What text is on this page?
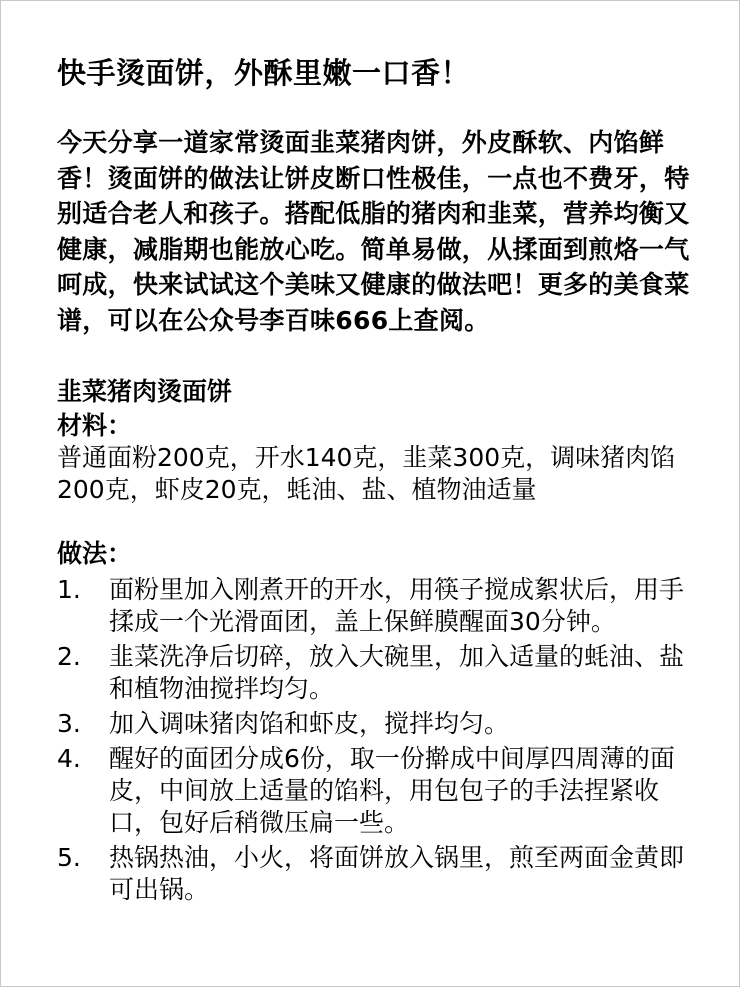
快手烫面饼，外酥里嫩一口香！
今天分享一道家常烫面韭菜猪肉饼，外皮酥软、内馅鲜香！烫面饼的做法让饼皮断口性极佳，一点也不费牙，特别适合老人和孩子。搭配低脂的猪肉和韭菜，营养均衡又健康，减脂期也能放心吃。简单易做，从揉面到煎烙一气呵成，快来试试这个美味又健康的做法吧！更多的美食菜谱，可以在公众号李百味666上查阅。
韭菜猪肉烫面饼
材料：
普通面粉200克，开水140克，韭菜300克，调味猪肉馅200克，虾皮20克，蚝油、盐、植物油适量
做法：
1. 面粉里加入刚煮开的开水，用筷子搅成絮状后，用手揉成一个光滑面团，盖上保鲜膜醒面30分钟。
2. 韭菜洗净后切碎，放入大碗里，加入适量的蚝油、盐和植物油搅拌均匀。
3. 加入调味猪肉馅和虾皮，搅拌均匀。
4. 醒好的面团分成6份，取一份擀成中间厚四周薄的面皮，中间放上适量的馅料，用包包子的手法捏紧收口，包好后稍微压扁一些。
5. 热锅热油，小火，将面饼放入锅里，煎至两面金黄即可出锅。
